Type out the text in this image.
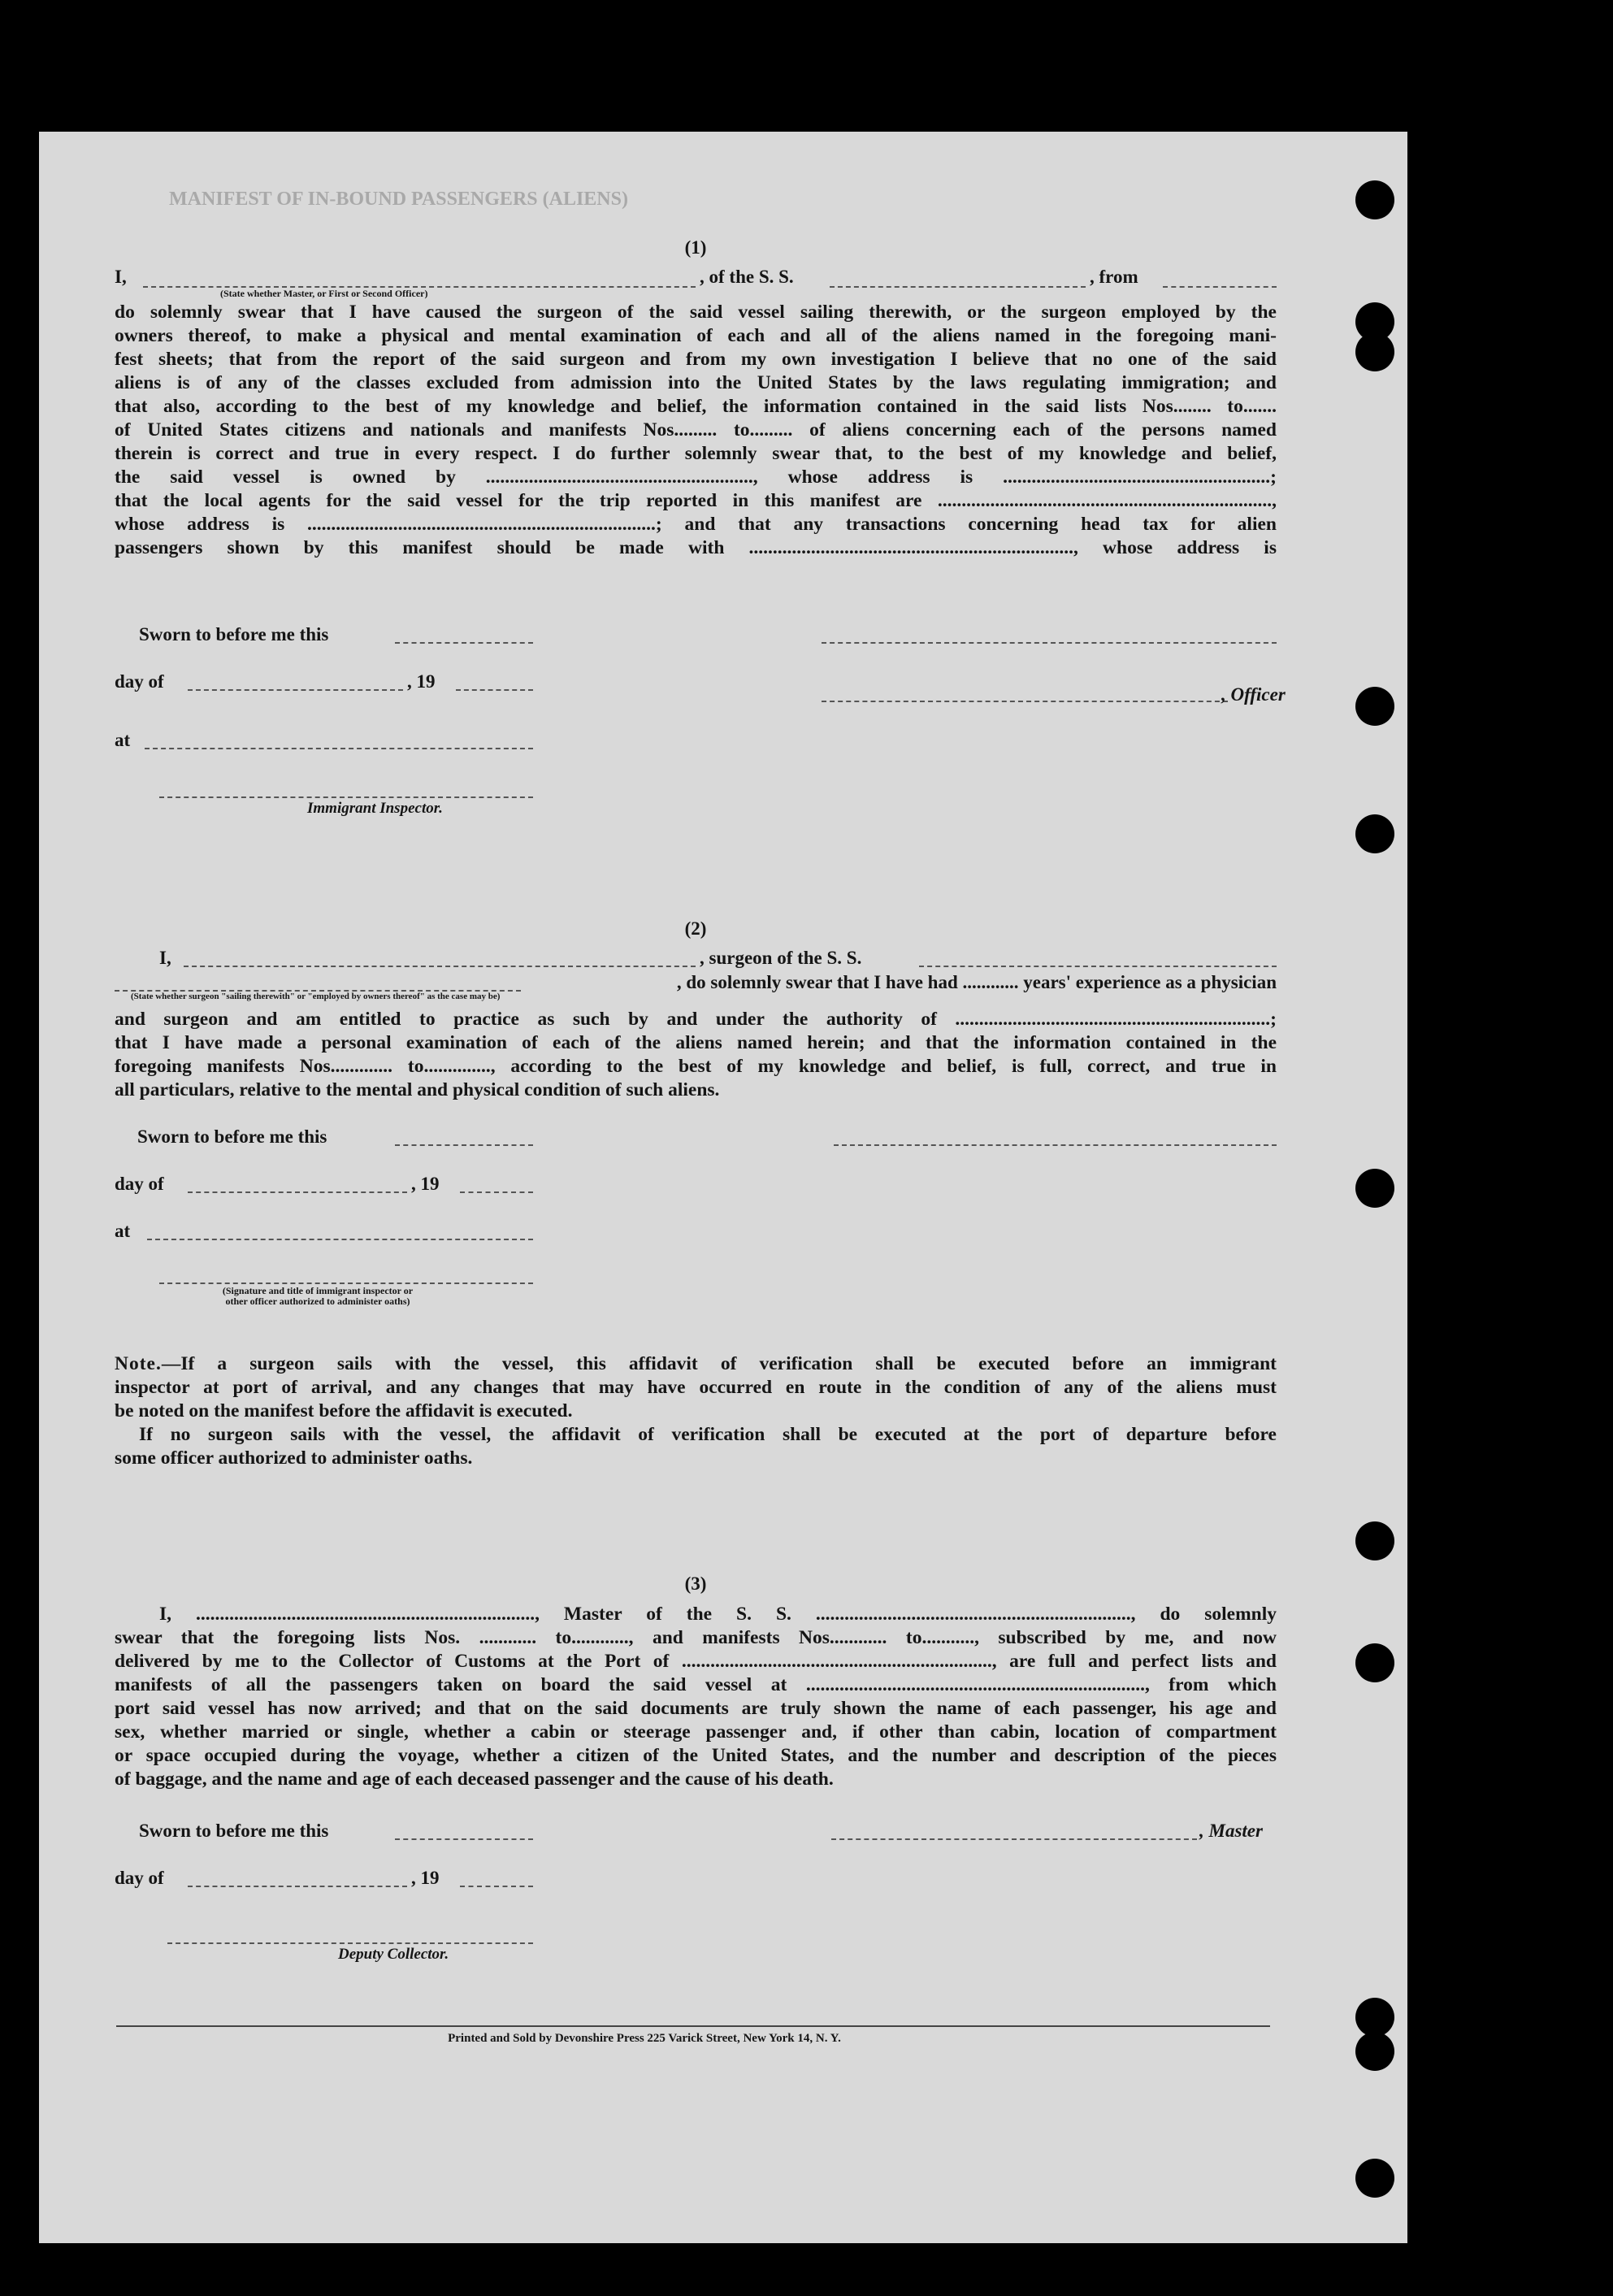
MANIFEST OF IN-BOUND PASSENGERS (ALIENS)
(1)
I,	, of the S. S.	, from
(State whether Master, or First or Second Officer)
do solemnly swear that I have caused the surgeon of the said vessel sailing therewith, or the surgeon employed by the
owners thereof, to make a physical and mental examination of each and all of the aliens named in the foregoing mani-
fest sheets; that from the report of the said surgeon and from my own investigation I believe that no one of the said
aliens is of any of the classes excluded from admission into the United States by the laws regulating immigration; and
that also, according to the best of my knowledge and belief, the information contained in the said lists Nos........ to.......
of United States citizens and nationals and manifests Nos......... to......... of aliens concerning each of the persons named
therein is correct and true in every respect. I do further solemnly swear that, to the best of my knowledge and belief,
the said vessel is owned by ........................................................, whose address is ........................................................;
that the local agents for the said vessel for the trip reported in this manifest are ......................................................................,
whose address is .........................................................................; and that any transactions concerning head tax for alien
passengers shown by this manifest should be made with ...................................................................., whose address is
Sworn to before me this
day of	, 19
, Officer
at
Immigrant Inspector.
(2)
I,	, surgeon of the S. S.
, do solemnly swear that I have had ............ years' experience as a physician
(State whether surgeon "sailing therewith" or "employed by owners thereof" as the case may be)
and surgeon and am entitled to practice as such by and under the authority of ..................................................................;
that I have made a personal examination of each of the aliens named herein; and that the information contained in the
foregoing manifests Nos............. to.............., according to the best of my knowledge and belief, is full, correct, and true in
all particulars, relative to the mental and physical condition of such aliens.
Sworn to before me this
day of	, 19
at
(Signature and title of immigrant inspector or
other officer authorized to administer oaths)
Note.—If a surgeon sails with the vessel, this affidavit of verification shall be executed before an immigrant
inspector at port of arrival, and any changes that may have occurred en route in the condition of any of the aliens must
be noted on the manifest before the affidavit is executed.
If no surgeon sails with the vessel, the affidavit of verification shall be executed at the port of departure before
some officer authorized to administer oaths.
(3)
I, ......................................................................., Master of the S. S. .................................................................., do solemnly
swear that the foregoing lists Nos. ............ to............, and manifests Nos............ to..........., subscribed by me, and now
delivered by me to the Collector of Customs at the Port of ................................................................., are full and perfect lists and
manifests of all the passengers taken on board the said vessel at ......................................................................., from which
port said vessel has now arrived; and that on the said documents are truly shown the name of each passenger, his age and
sex, whether married or single, whether a cabin or steerage passenger and, if other than cabin, location of compartment
or space occupied during the voyage, whether a citizen of the United States, and the number and description of the pieces
of baggage, and the name and age of each deceased passenger and the cause of his death.
Sworn to before me this	, Master
day of	, 19
Deputy Collector.
Printed and Sold by Devonshire Press 225 Varick Street, New York 14, N. Y.
